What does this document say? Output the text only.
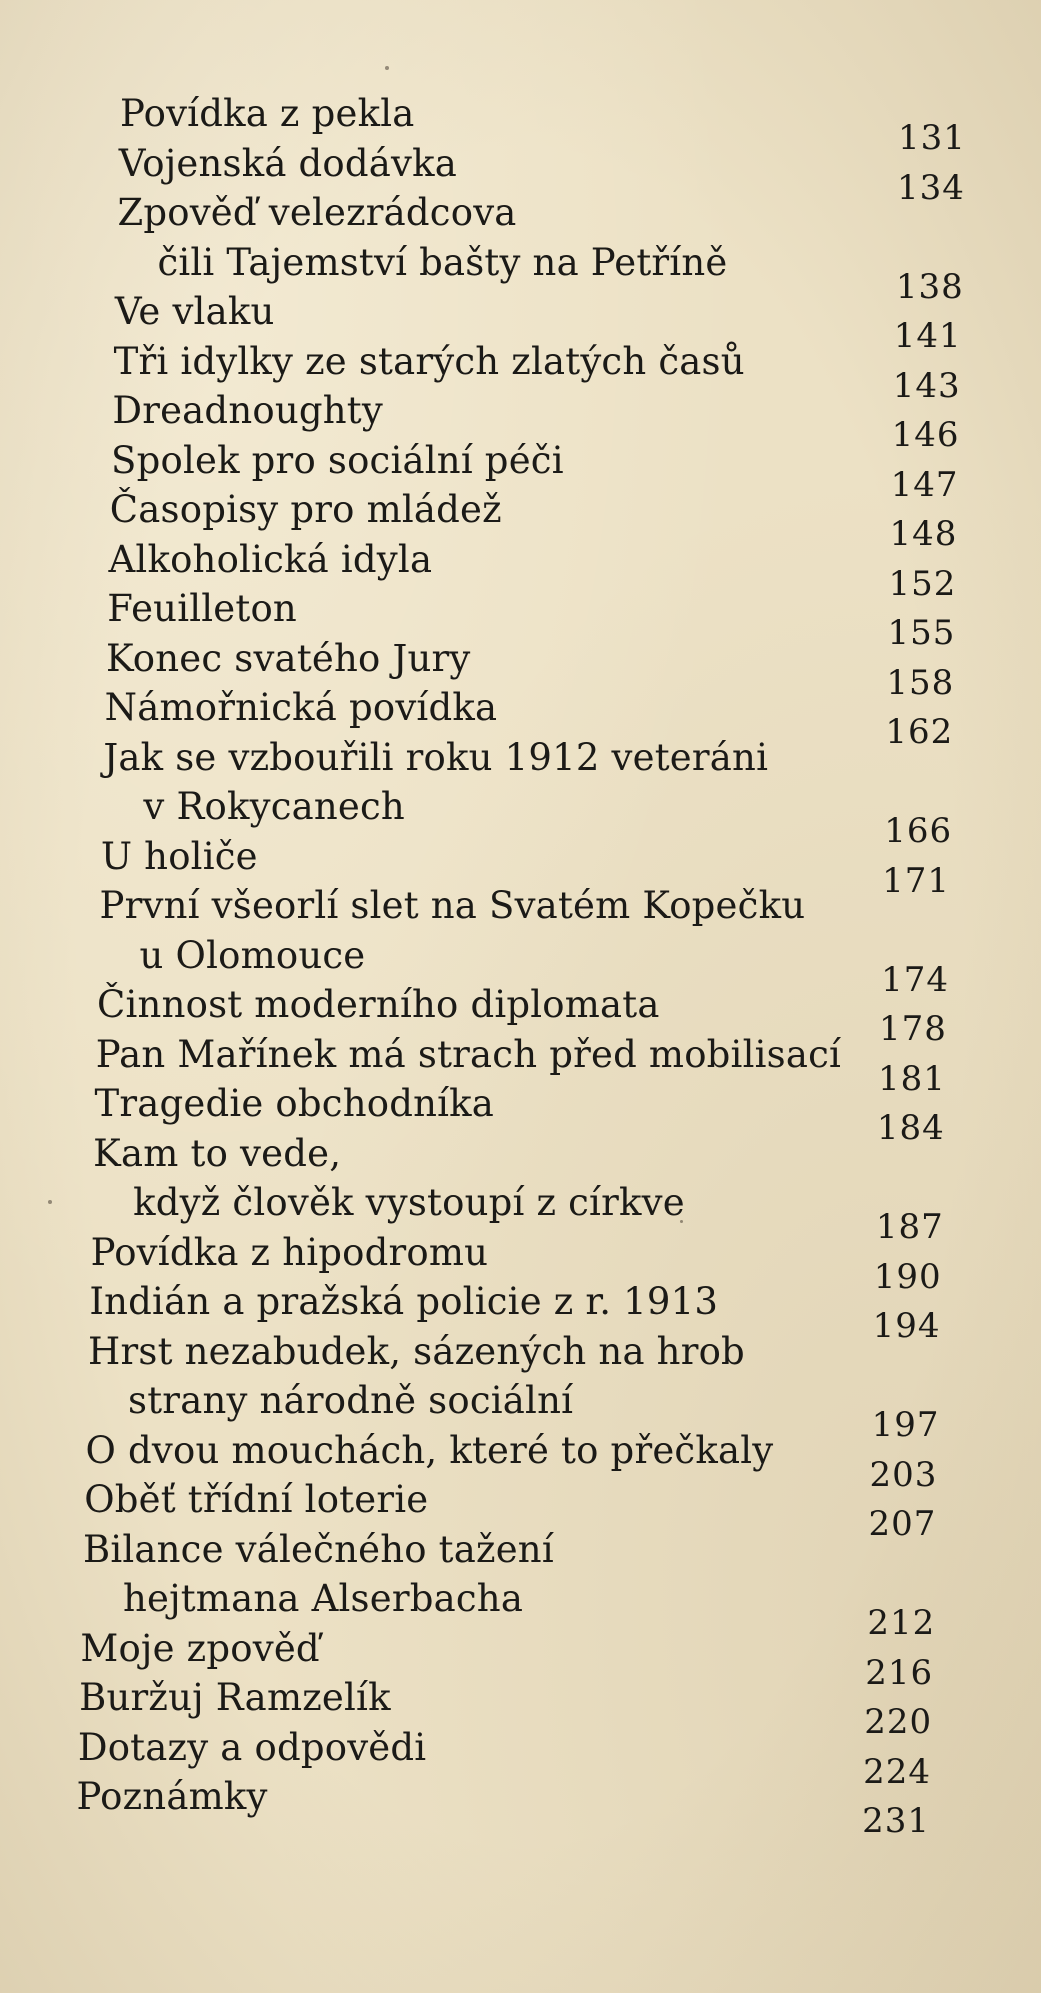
Povídka z pekla
131
Vojenská dodávka
134
Zpověď velezrádcova
čili Tajemství bašty na Petříně
138
Ve vlaku
141
Tři idylky ze starých zlatých časů
143
Dreadnoughty
146
Spolek pro sociální péči
147
Časopisy pro mládež
148
Alkoholická idyla
152
Feuilleton
155
Konec svatého Jury
158
Námořnická povídka
162
Jak se vzbouřili roku 1912 veteráni
v Rokycanech
166
U holiče
171
První všeorlí slet na Svatém Kopečku
u Olomouce
174
Činnost moderního diplomata
178
Pan Mařínek má strach před mobilisací
181
Tragedie obchodníka
184
Kam to vede,
když člověk vystoupí z církve
187
Povídka z hipodromu
190
Indián a pražská policie z r. 1913
194
Hrst nezabudek, sázených na hrob
strany národně sociální
197
O dvou mouchách, které to přečkaly
203
Oběť třídní loterie
207
Bilance válečného tažení
hejtmana Alserbacha
212
Moje zpověď
216
Buržuj Ramzelík
220
Dotazy a odpovědi
224
Poznámky
231
